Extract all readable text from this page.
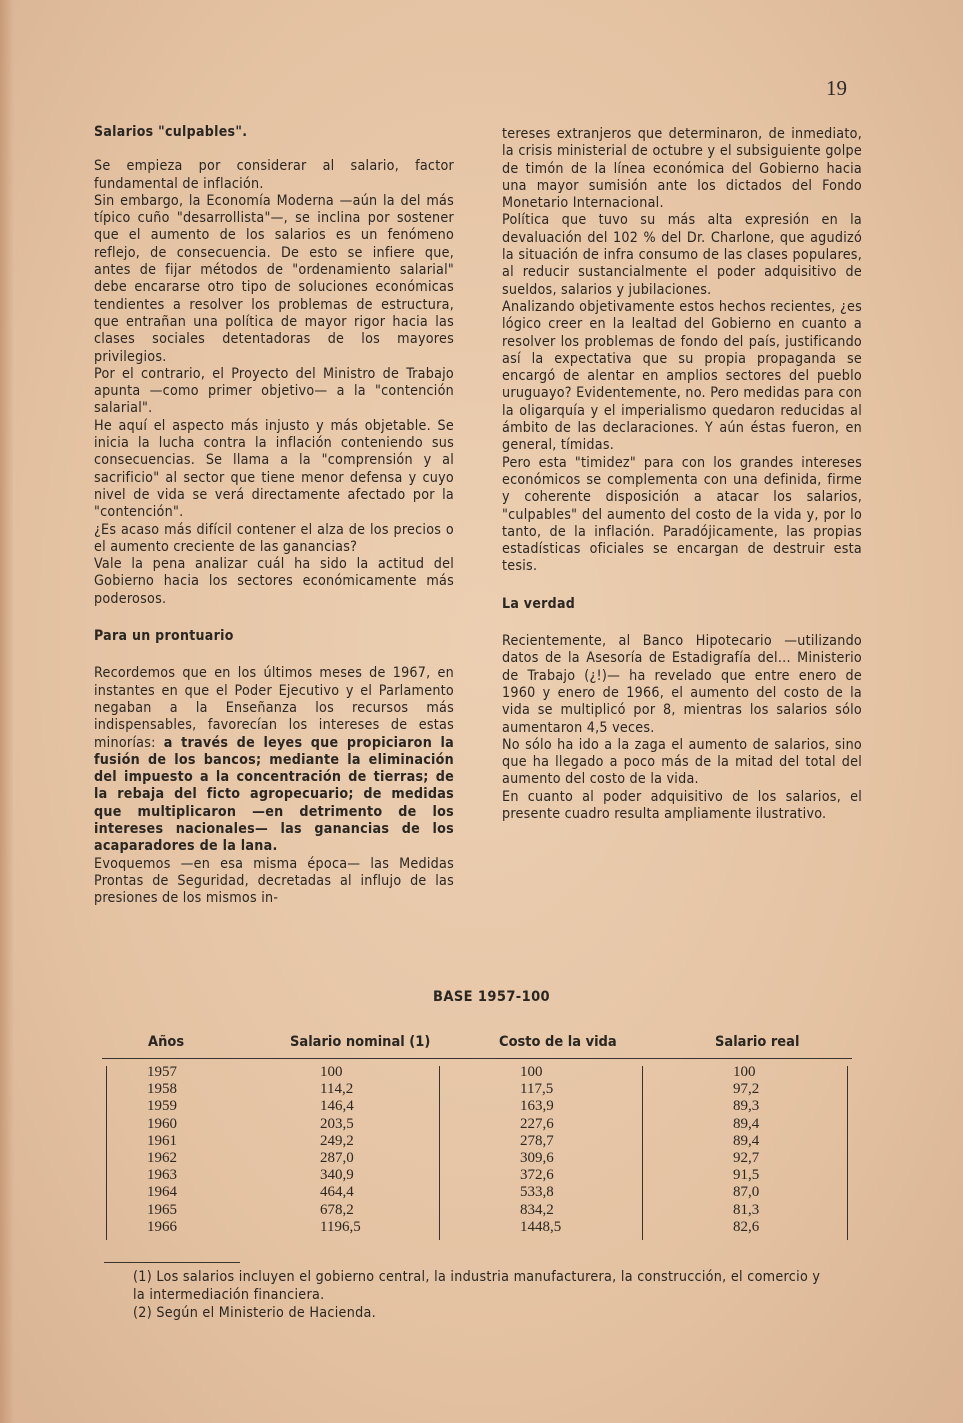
19
Salarios "culpables".

Se empieza por considerar al salario, factor fundamental de inflación.

Sin embargo, la Economía Moderna —aún la del más típico cuño "desarrollista"—, se inclina por sostener que el aumento de los salarios es un fenómeno reflejo, de consecuencia. De esto se infiere que, antes de fijar métodos de "ordenamiento salarial" debe encararse otro tipo de soluciones económicas tendientes a resolver los problemas de estructura, que entrañan una política de mayor rigor hacia las clases sociales detentadoras de los mayores privilegios.

Por el contrario, el Proyecto del Ministro de Trabajo apunta —como primer objetivo— a la "contención salarial".

He aquí el aspecto más injusto y más objetable. Se inicia la lucha contra la inflación conteniendo sus consecuencias. Se llama a la "comprensión y al sacrificio" al sector que tiene menor defensa y cuyo nivel de vida se verá directamente afectado por la "contención".

¿Es acaso más difícil contener el alza de los precios o el aumento creciente de las ganancias?

Vale la pena analizar cuál ha sido la actitud del Gobierno hacia los sectores económicamente más poderosos.

Para un prontuario

Recordemos que en los últimos meses de 1967, en instantes en que el Poder Ejecutivo y el Parlamento negaban a la Enseñanza los recursos más indispensables, favorecían los intereses de estas minorías: a través de leyes que propiciaron la fusión de los bancos; mediante la eliminación del impuesto a la concentración de tierras; de la rebaja del ficto agropecuario; de medidas que multiplicaron —en detrimento de los intereses nacionales— las ganancias de los acaparadores de la lana.

Evoquemos —en esa misma época— las Medidas Prontas de Seguridad, decretadas al influjo de las presiones de los mismos in-

tereses extranjeros que determinaron, de inmediato, la crisis ministerial de octubre y el subsiguiente golpe de timón de la línea económica del Gobierno hacia una mayor sumisión ante los dictados del Fondo Monetario Internacional.

Política que tuvo su más alta expresión en la devaluación del 102 % del Dr. Charlone, que agudizó la situación de infra consumo de las clases populares, al reducir sustancialmente el poder adquisitivo de sueldos, salarios y jubilaciones.

Analizando objetivamente estos hechos recientes, ¿es lógico creer en la lealtad del Gobierno en cuanto a resolver los problemas de fondo del país, justificando así la expectativa que su propia propaganda se encargó de alentar en amplios sectores del pueblo uruguayo? Evidentemente, no. Pero medidas para con la oligarquía y el imperialismo quedaron reducidas al ámbito de las declaraciones. Y aún éstas fueron, en general, tímidas.

Pero esta "timidez" para con los grandes intereses económicos se complementa con una definida, firme y coherente disposición a atacar los salarios, "culpables" del aumento del costo de la vida y, por lo tanto, de la inflación. Paradójicamente, las propias estadísticas oficiales se encargan de destruir esta tesis.

La verdad

Recientemente, al Banco Hipotecario —utilizando datos de la Asesoría de Estadigrafía del... Ministerio de Trabajo (¿!)— ha revelado que entre enero de 1960 y enero de 1966, el aumento del costo de la vida se multiplicó por 8, mientras los salarios sólo aumentaron 4,5 veces.

No sólo ha ido a la zaga el aumento de salarios, sino que ha llegado a poco más de la mitad del total del aumento del costo de la vida.

En cuanto al poder adquisitivo de los salarios, el presente cuadro resulta ampliamente ilustrativo.

BASE 1957-100
Años	Salario nominal (1)	Costo de la vida	Salario real
1957	100	100	100
1958	114,2	117,5	97,2
1959	146,4	163,9	89,3
1960	203,5	227,6	89,4
1961	249,2	278,7	89,4
1962	287,0	309,6	92,7
1963	340,9	372,6	91,5
1964	464,4	533,8	87,0
1965	678,2	834,2	81,3
1966	1196,5	1448,5	82,6

(1) Los salarios incluyen el gobierno central, la industria manufacturera, la construcción, el comercio y la intermediación financiera.

(2) Según el Ministerio de Hacienda.
